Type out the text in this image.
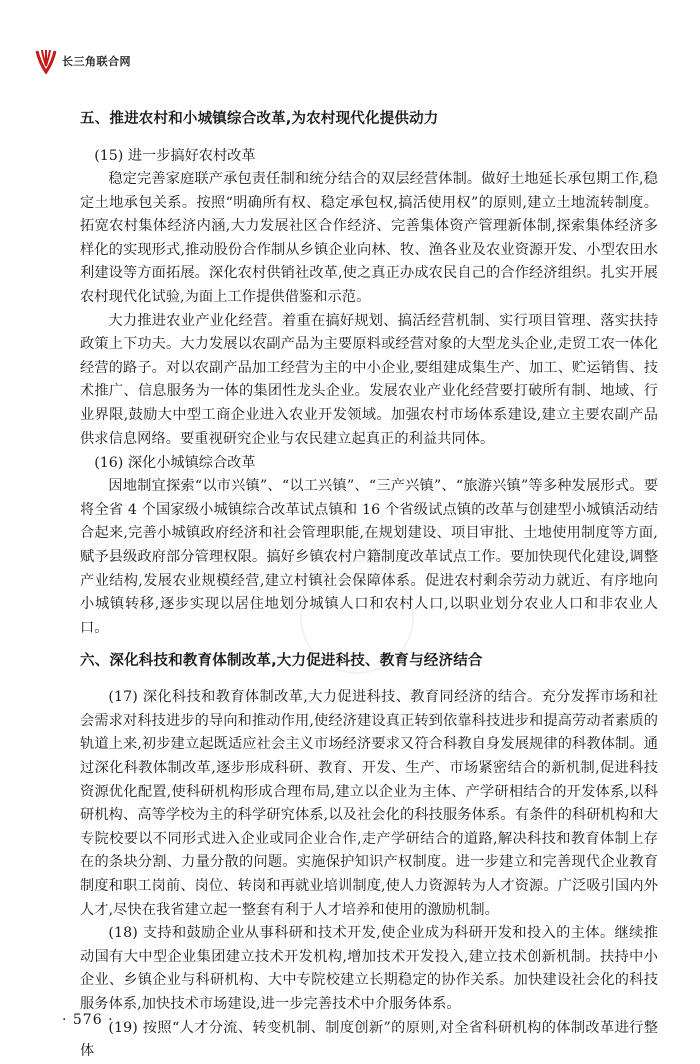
长三角联合网
五、推进农村和小城镇综合改革,为农村现代化提供动力
(15) 进一步搞好农村改革

稳定完善家庭联产承包责任制和统分结合的双层经营体制。做好土地延长承包期工作,稳定土地承包关系。按照“明确所有权、稳定承包权,搞活使用权”的原则,建立土地流转制度。拓宽农村集体经济内涵,大力发展社区合作经济、完善集体资产管理新体制,探索集体经济多样化的实现形式,推动股份合作制从乡镇企业向林、牧、渔各业及农业资源开发、小型农田水利建设等方面拓展。深化农村供销社改革,使之真正办成农民自己的合作经济组织。扎实开展农村现代化试验,为面上工作提供借鉴和示范。

大力推进农业产业化经营。着重在搞好规划、搞活经营机制、实行项目管理、落实扶持政策上下功夫。大力发展以农副产品为主要原料或经营对象的大型龙头企业,走贸工农一体化经营的路子。对以农副产品加工经营为主的中小企业,要组建成集生产、加工、贮运销售、技术推广、信息服务为一体的集团性龙头企业。发展农业产业化经营要打破所有制、地域、行业界限,鼓励大中型工商企业进入农业开发领域。加强农村市场体系建设,建立主要农副产品供求信息网络。要重视研究企业与农民建立起真正的利益共同体。

(16) 深化小城镇综合改革

因地制宜探索“以市兴镇”、“以工兴镇”、“三产兴镇”、“旅游兴镇”等多种发展形式。要将全省 4 个国家级小城镇综合改革试点镇和 16 个省级试点镇的改革与创建型小城镇活动结合起来,完善小城镇政府经济和社会管理职能,在规划建设、项目审批、土地使用制度等方面,赋予县级政府部分管理权限。搞好乡镇农村户籍制度改革试点工作。要加快现代化建设,调整产业结构,发展农业规模经营,建立村镇社会保障体系。促进农村剩余劳动力就近、有序地向小城镇转移,逐步实现以居住地划分城镇人口和农村人口,以职业划分农业人口和非农业人口。

六、深化科技和教育体制改革,大力促进科技、教育与经济结合

(17) 深化科技和教育体制改革,大力促进科技、教育同经济的结合。充分发挥市场和社会需求对科技进步的导向和推动作用,使经济建设真正转到依靠科技进步和提高劳动者素质的轨道上来,初步建立起既适应社会主义市场经济要求又符合科教自身发展规律的科教体制。通过深化科教体制改革,逐步形成科研、教育、开发、生产、市场紧密结合的新机制,促进科技资源优化配置,使科研机构形成合理布局,建立以企业为主体、产学研相结合的开发体系,以科研机构、高等学校为主的科学研究体系,以及社会化的科技服务体系。有条件的科研机构和大专院校要以不同形式进入企业或同企业合作,走产学研结合的道路,解决科技和教育体制上存在的条块分割、力量分散的问题。实施保护知识产权制度。进一步建立和完善现代企业教育制度和职工岗前、岗位、转岗和再就业培训制度,使人力资源转为人才资源。广泛吸引国内外人才,尽快在我省建立起一整套有利于人才培养和使用的激励机制。

(18) 支持和鼓励企业从事科研和技术开发,使企业成为科研开发和投入的主体。继续推动国有大中型企业集团建立技术开发机构,增加技术开发投入,建立技术创新机制。扶持中小企业、乡镇企业与科研机构、大中专院校建立长期稳定的协作关系。加快建设社会化的科技服务体系,加快技术市场建设,进一步完善技术中介服务体系。

(19) 按照“人才分流、转变机制、制度创新”的原则,对全省科研机构的体制改革进行整体

· 576 ·
